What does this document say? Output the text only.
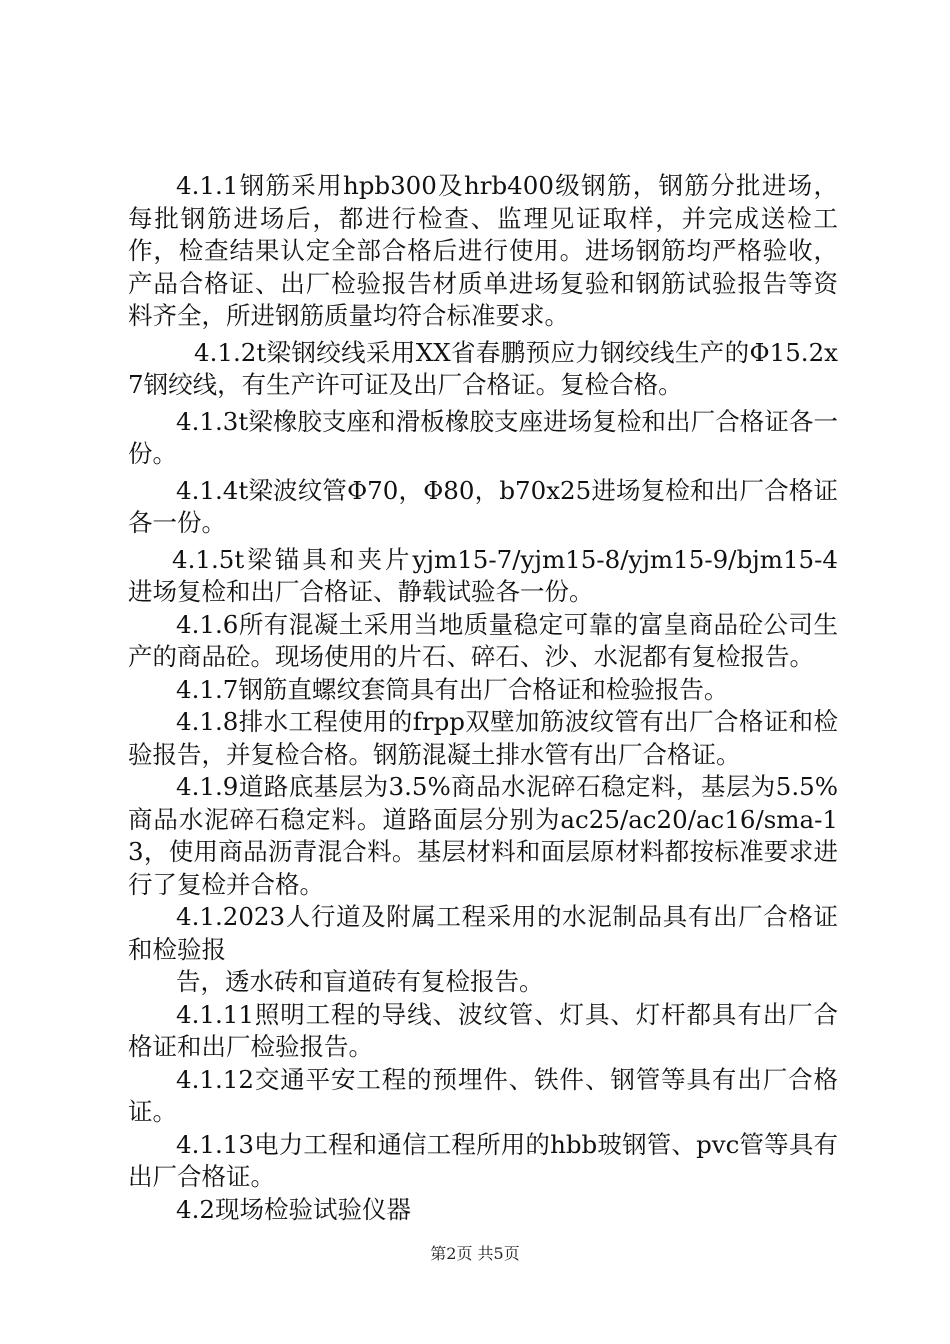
4.1.1钢筋采用hpb300及hrb400级钢筋，钢筋分批进场，每批钢筋进场后，都进行检查、监理见证取样，并完成送检工作，检查结果认定全部合格后进行使用。进场钢筋均严格验收，产品合格证、出厂检验报告材质单进场复验和钢筋试验报告等资料齐全，所进钢筋质量均符合标准要求。

4.1.2t梁钢绞线采用XX省春鹏预应力钢绞线生产的Φ15.2x7钢绞线，有生产许可证及出厂合格证。复检合格。

4.1.3t梁橡胶支座和滑板橡胶支座进场复检和出厂合格证各一份。

4.1.4t梁波纹管Φ70，Φ80，b70x25进场复检和出厂合格证各一份。

4.1.5t梁锚具和夹片yjm15-7/yjm15-8/yjm15-9/bjm15-4进场复检和出厂合格证、静载试验各一份。

4.1.6所有混凝土采用当地质量稳定可靠的富皇商品砼公司生产的商品砼。现场使用的片石、碎石、沙、水泥都有复检报告。

4.1.7钢筋直螺纹套筒具有出厂合格证和检验报告。

4.1.8排水工程使用的frpp双壁加筋波纹管有出厂合格证和检验报告，并复检合格。钢筋混凝土排水管有出厂合格证。

4.1.9道路底基层为3.5%商品水泥碎石稳定料，基层为5.5%商品水泥碎石稳定料。道路面层分别为ac25/ac20/ac16/sma-13，使用商品沥青混合料。基层材料和面层原材料都按标准要求进行了复检并合格。

4.1.2023人行道及附属工程采用的水泥制品具有出厂合格证和检验报

告，透水砖和盲道砖有复检报告。

4.1.11照明工程的导线、波纹管、灯具、灯杆都具有出厂合格证和出厂检验报告。

4.1.12交通平安工程的预埋件、铁件、钢管等具有出厂合格证。

4.1.13电力工程和通信工程所用的hbb玻钢管、pvc管等具有出厂合格证。

4.2现场检验试验仪器

第2页 共5页
